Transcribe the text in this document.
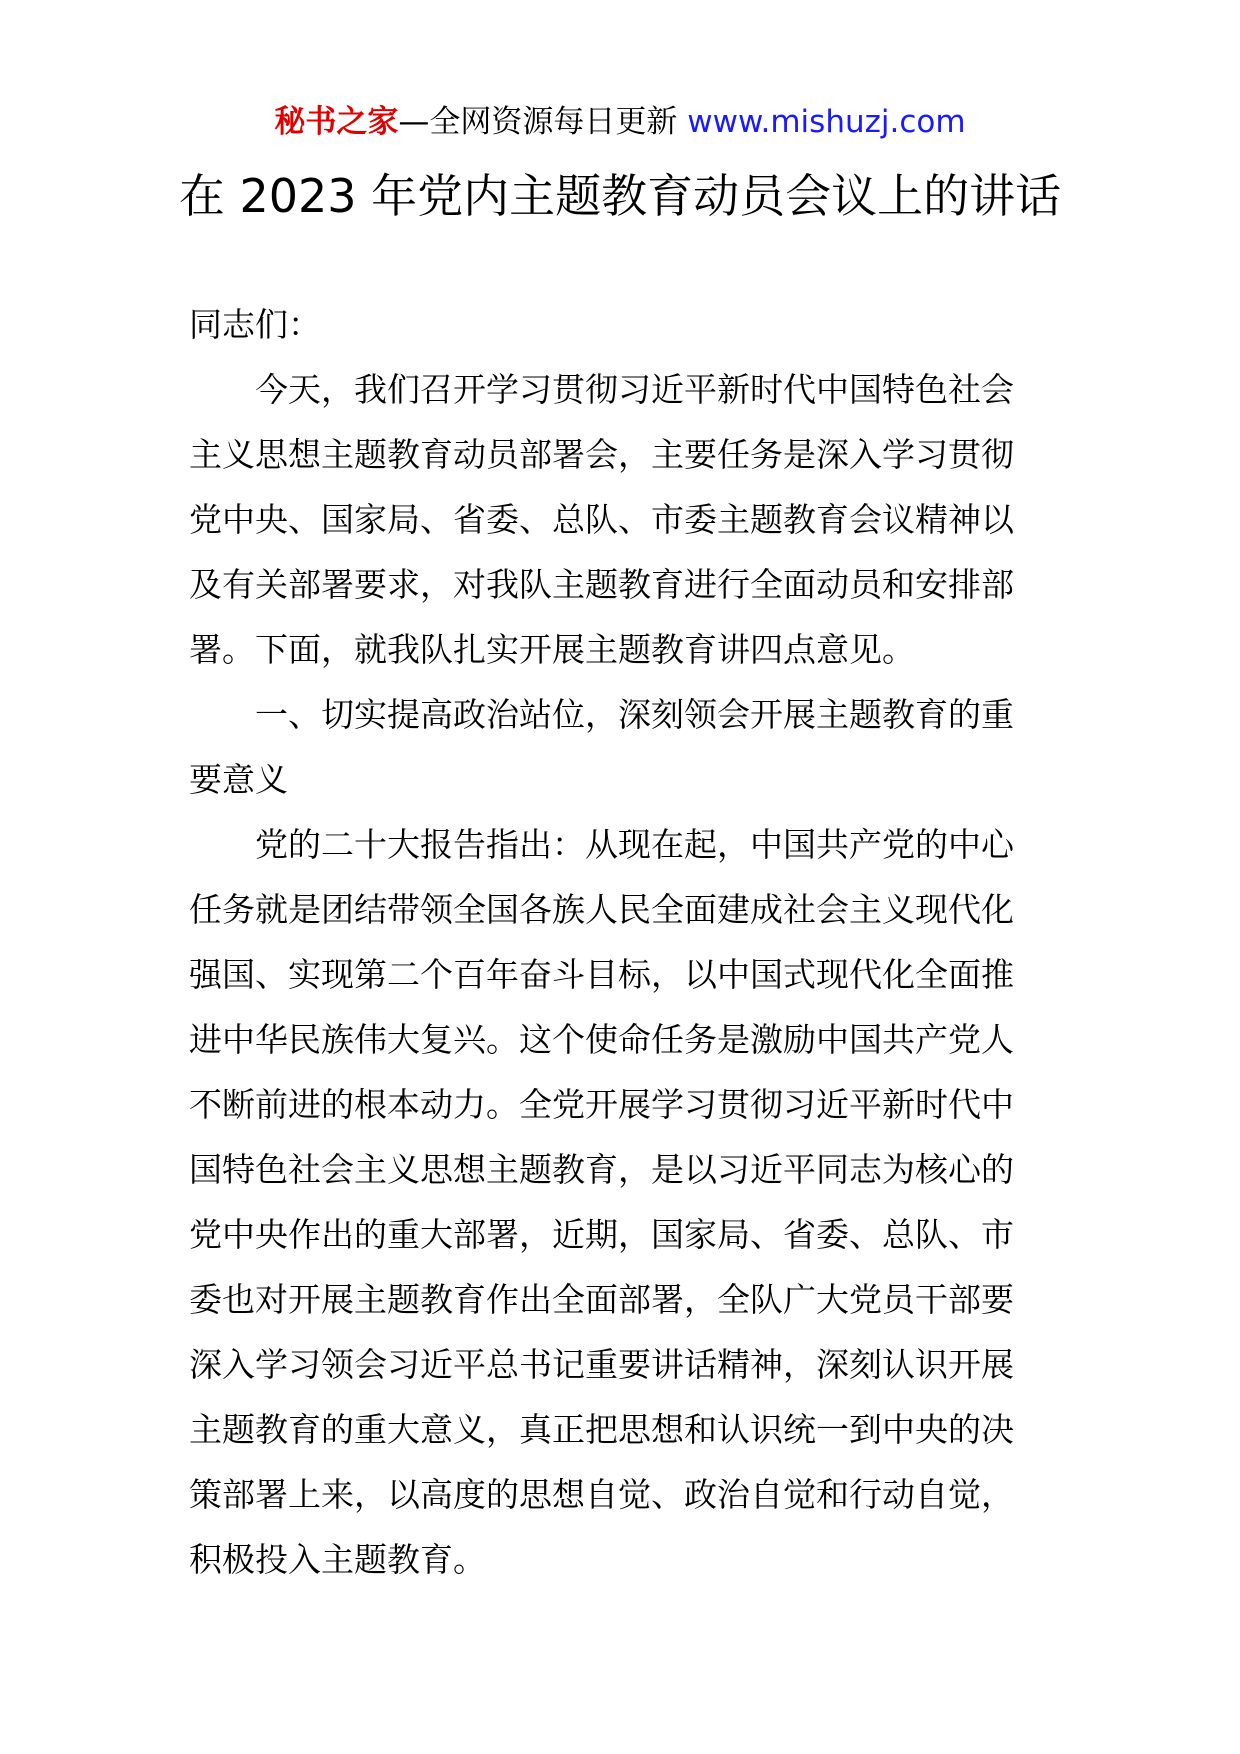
秘书之家—全网资源每日更新 www.mishuzj.com
在 2023 年党内主题教育动员会议上的讲话
同志们：
今天，我们召开学习贯彻习近平新时代中国特色社会
主义思想主题教育动员部署会，主要任务是深入学习贯彻
党中央、国家局、省委、总队、市委主题教育会议精神以
及有关部署要求，对我队主题教育进行全面动员和安排部
署。下面，就我队扎实开展主题教育讲四点意见。
一、切实提高政治站位，深刻领会开展主题教育的重
要意义
党的二十大报告指出：从现在起，中国共产党的中心
任务就是团结带领全国各族人民全面建成社会主义现代化
强国、实现第二个百年奋斗目标，以中国式现代化全面推
进中华民族伟大复兴。这个使命任务是激励中国共产党人
不断前进的根本动力。全党开展学习贯彻习近平新时代中
国特色社会主义思想主题教育，是以习近平同志为核心的
党中央作出的重大部署，近期，国家局、省委、总队、市
委也对开展主题教育作出全面部署，全队广大党员干部要
深入学习领会习近平总书记重要讲话精神，深刻认识开展
主题教育的重大意义，真正把思想和认识统一到中央的决
策部署上来，以高度的思想自觉、政治自觉和行动自觉，
积极投入主题教育。
